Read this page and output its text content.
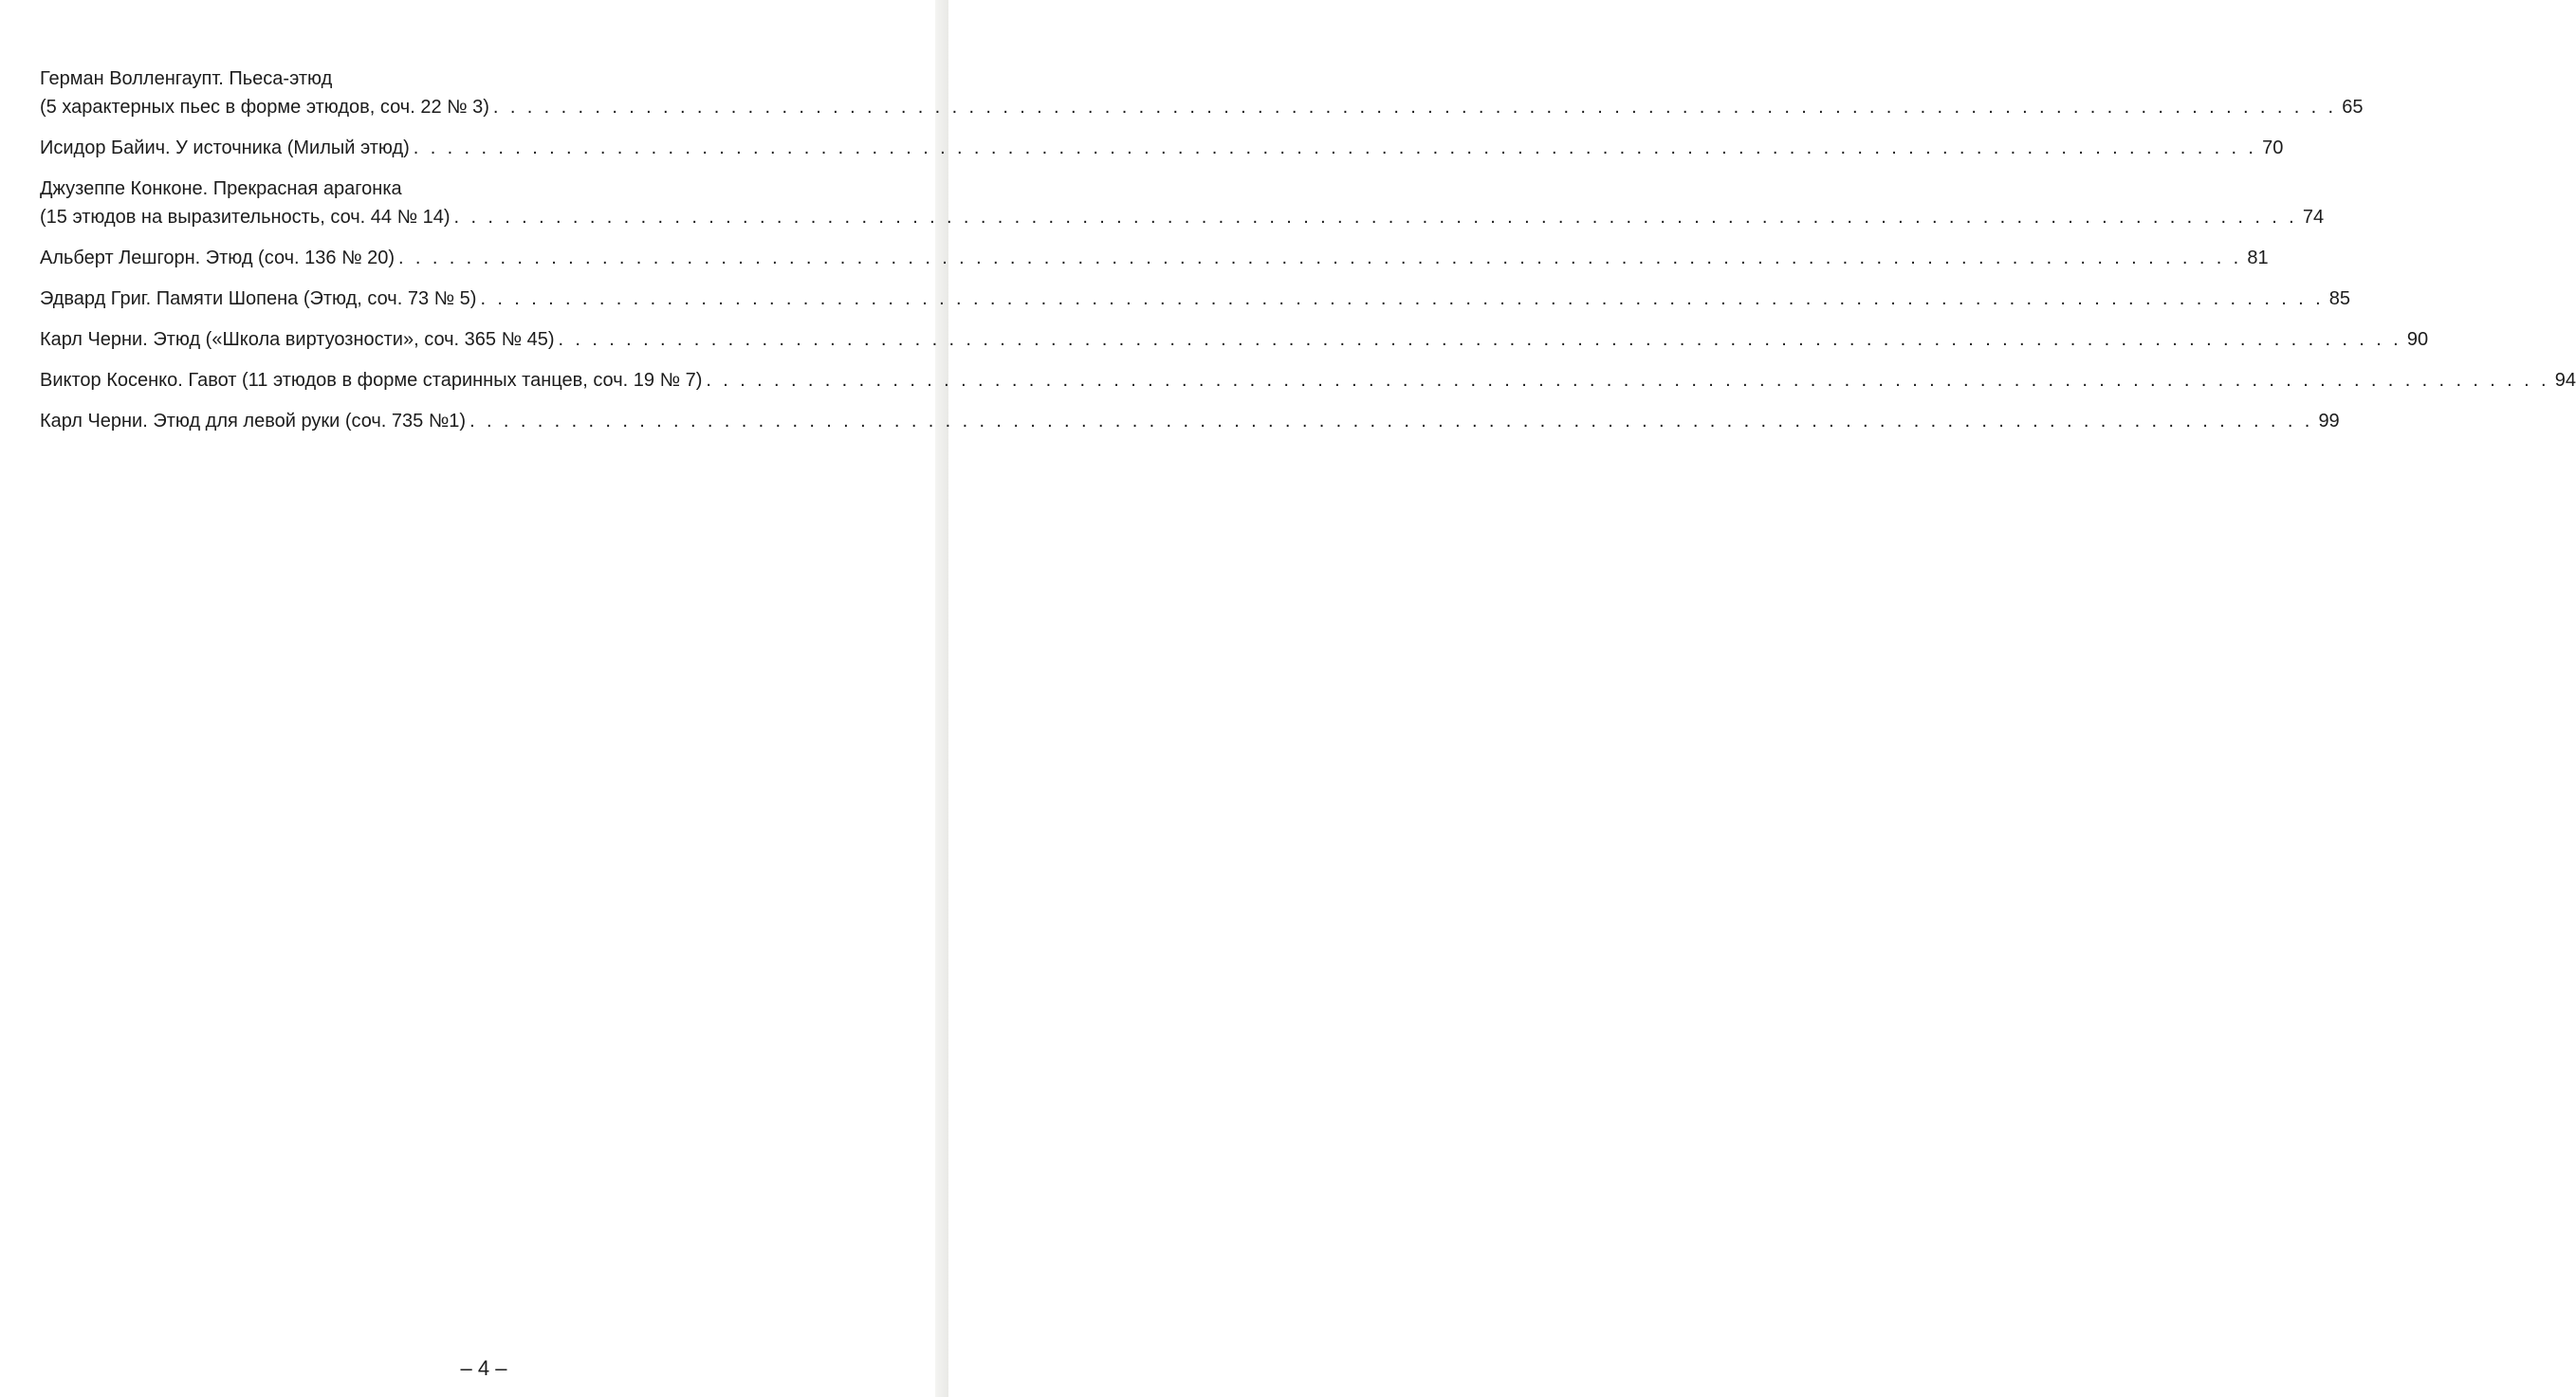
Герман Волленгаупт. Пьеса-этюд
(5 характерных пьес в форме этюдов, соч. 22 № 3) . . . . . . . . . . . . . . . . . . . . . . . . . . . . . . . . . . . . . . . . . . . . . . . . . . . . . . . . . . . . . . . . . . . . . . . . . . . . . . . . . . . . . . . . . . . . . . . . . . . . . . . . . . . . . 65
Исидор Байич. У источника (Милый этюд) . . . . . . . . . . . . . . . . . . . . . . . . . . . . . . . . . . . . . . . . . . . . . . . . . . . . . . . . . . . . . . . . . . . . . . . . . . . . . . . . . . . . . . . . . . . . . . . . . . . . . . . . . . . . . 70
Джузеппе Конконе. Прекрасная арагонка
(15 этюдов на выразительность, соч. 44 № 14) . . . . . . . . . . . . . . . . . . . . . . . . . . . . . . . . . . . . . . . . . . . . . . . . . . . . . . . . . . . . . . . . . . . . . . . . . . . . . . . . . . . . . . . . . . . . . . . . . . . . . . . . . . . . . 74
Альберт Лешгорн. Этюд (соч. 136 № 20) . . . . . . . . . . . . . . . . . . . . . . . . . . . . . . . . . . . . . . . . . . . . . . . . . . . . . . . . . . . . . . . . . . . . . . . . . . . . . . . . . . . . . . . . . . . . . . . . . . . . . . . . . . . . . 81
Эдвард Григ. Памяти Шопена (Этюд, соч. 73 № 5) . . . . . . . . . . . . . . . . . . . . . . . . . . . . . . . . . . . . . . . . . . . . . . . . . . . . . . . . . . . . . . . . . . . . . . . . . . . . . . . . . . . . . . . . . . . . . . . . . . . . . . . . . . . . . 85
Карл Черни. Этюд («Школа виртуозности», соч. 365 № 45) . . . . . . . . . . . . . . . . . . . . . . . . . . . . . . . . . . . . . . . . . . . . . . . . . . . . . . . . . . . . . . . . . . . . . . . . . . . . . . . . . . . . . . . . . . . . . . . . . . . . . . . . . . . . . 90
Виктор Косенко. Гавот (11 этюдов в форме старинных танцев, соч. 19 № 7) . . . . . . . . . . . . . . . . . . . . . . . . . . . . . . . . . . . . . . . . . . . . . . . . . . . . . . . . . . . . . . . . . . . . . . . . . . . . . . . . . . . . . . . . . . . . . . . . . . . . . . . . . . . . . 94
Карл Черни. Этюд для левой руки (соч. 735 №1) . . . . . . . . . . . . . . . . . . . . . . . . . . . . . . . . . . . . . . . . . . . . . . . . . . . . . . . . . . . . . . . . . . . . . . . . . . . . . . . . . . . . . . . . . . . . . . . . . . . . . . . . . . . . . 99
– 4 –
